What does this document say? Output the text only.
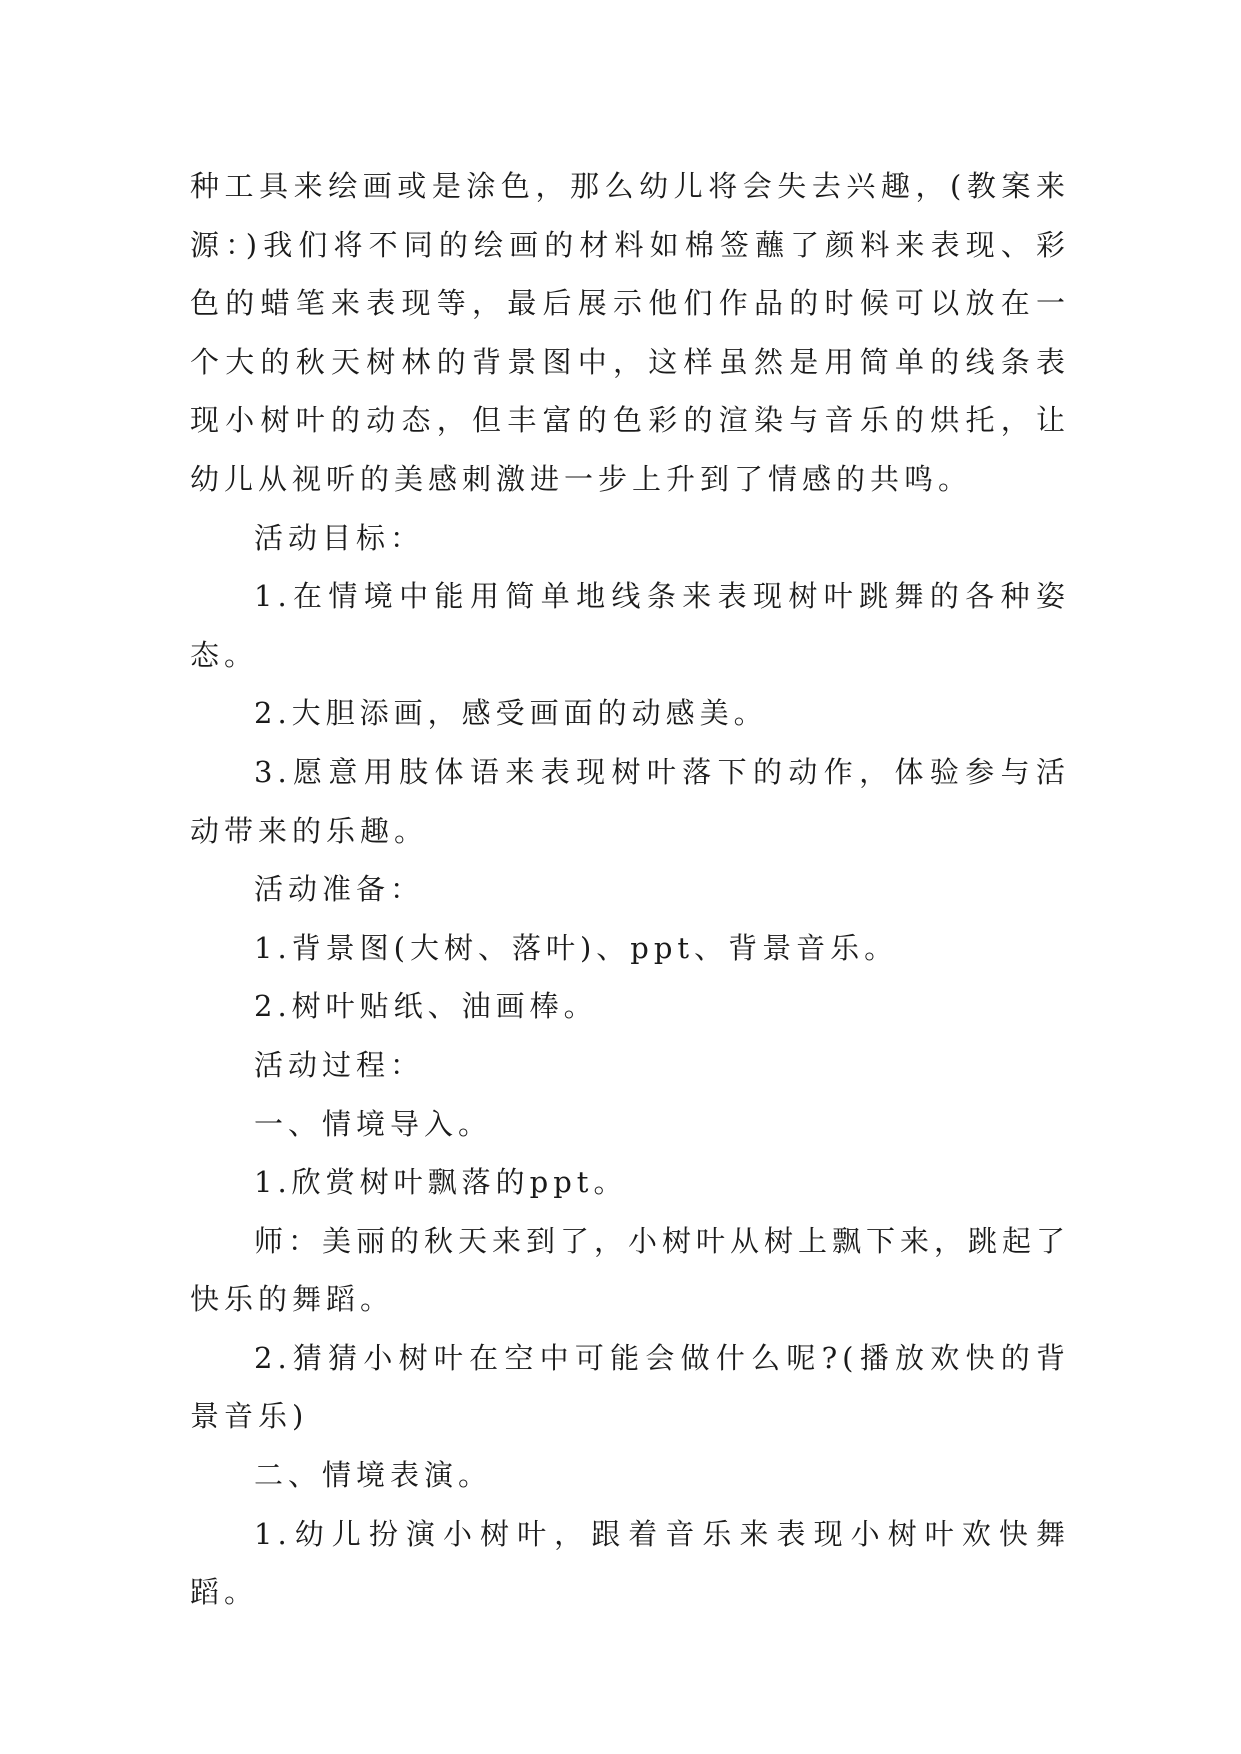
种工具来绘画或是涂色，那么幼儿将会失去兴趣，(教案来源：)我们将不同的绘画的材料如棉签蘸了颜料来表现、彩色的蜡笔来表现等，最后展示他们作品的时候可以放在一个大的秋天树林的背景图中，这样虽然是用简单的线条表现小树叶的动态，但丰富的色彩的渲染与音乐的烘托，让幼儿从视听的美感刺激进一步上升到了情感的共鸣。

活动目标：

1.在情境中能用简单地线条来表现树叶跳舞的各种姿态。

2.大胆添画，感受画面的动感美。

3.愿意用肢体语来表现树叶落下的动作，体验参与活动带来的乐趣。

活动准备：

1.背景图(大树、落叶)、ppt、背景音乐。

2.树叶贴纸、油画棒。

活动过程：

一、情境导入。

1.欣赏树叶飘落的ppt。

师：美丽的秋天来到了，小树叶从树上飘下来，跳起了快乐的舞蹈。

2.猜猜小树叶在空中可能会做什么呢?(播放欢快的背景音乐)

二、情境表演。

1.幼儿扮演小树叶，跟着音乐来表现小树叶欢快舞蹈。
